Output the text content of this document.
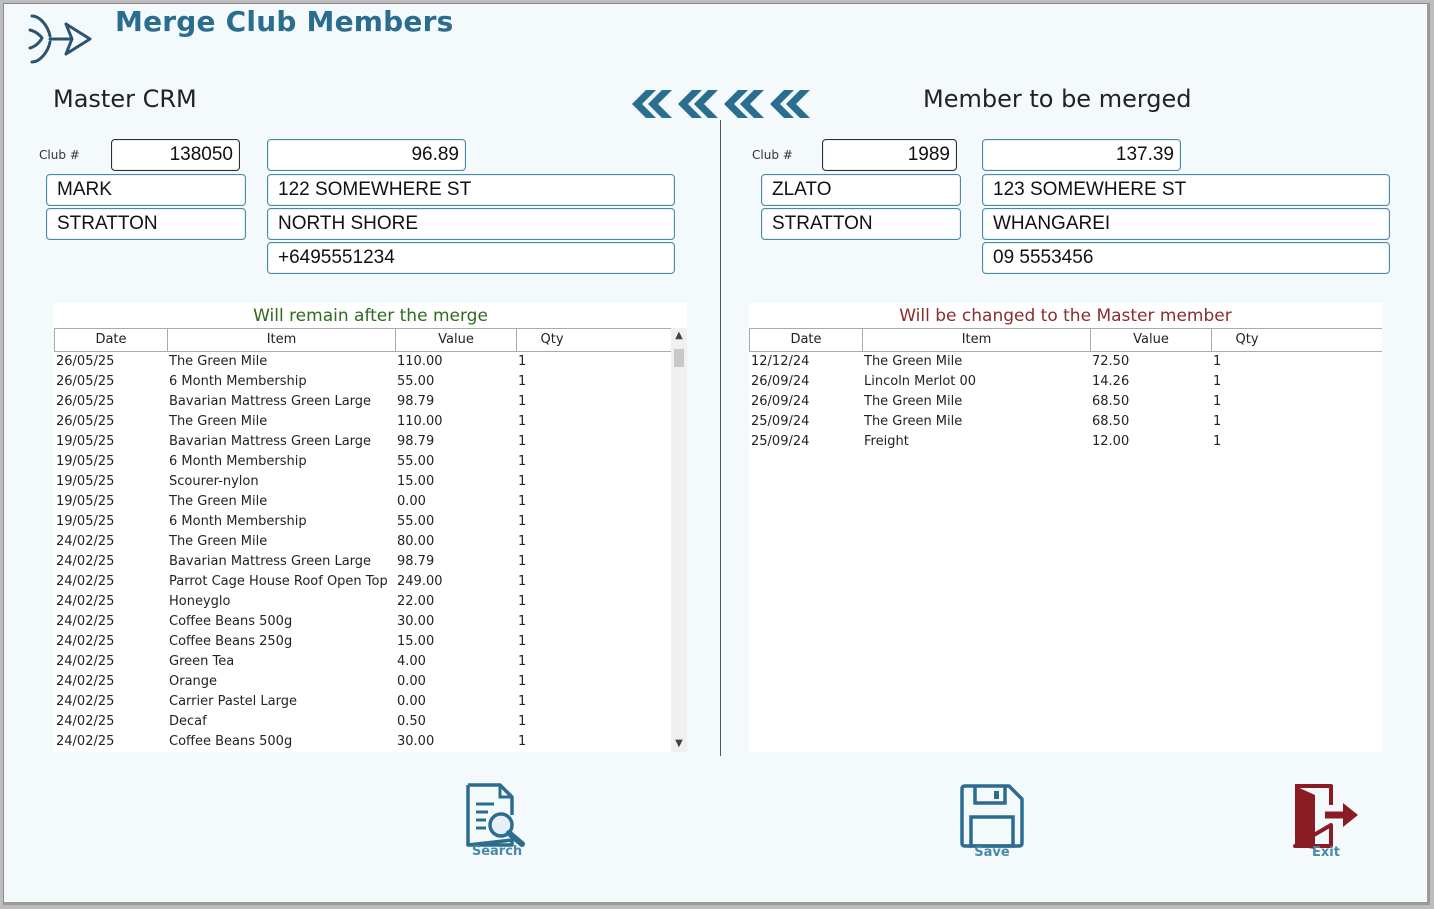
Merge Club Members
Master CRM	Member to be merged
Club #	138050	96.89
MARK
STRATTON
122 SOMEWHERE ST
NORTH SHORE
+6495551234
Club #	1989	137.39
ZLATO
STRATTON
123 SOMEWHERE ST
WHANGAREI
09 5553456
Will remain after the merge
Date	Item	Value	Qty
26/05/25	The Green Mile	110.00	1
26/05/25	6 Month Membership	55.00	1
26/05/25	Bavarian Mattress Green Large 98.79	1
26/05/25	The Green Mile	110.00	1
19/05/25	Bavarian Mattress Green Large 98.79	1
19/05/25	6 Month Membership	55.00	1
19/05/25	Scourer-nylon	15.00	1
19/05/25	The Green Mile	0.00	1
19/05/25	6 Month Membership	55.00	1
24/02/25	The Green Mile	80.00	1
24/02/25	Bavarian Mattress Green Large 98.79	1
24/02/25	Parrot Cage House Roof Open Top 249.00	1
24/02/25	Honeyglo	22.00	1
24/02/25	Coffee Beans 500g	30.00	1
24/02/25	Coffee Beans 250g	15.00	1
24/02/25	Green Tea	4.00	1
24/02/25	Orange	0.00	1
24/02/25	Carrier Pastel Large	0.00	1
24/02/25	Decaf	0.50	1
24/02/25	Coffee Beans 500g	30.00	1
▲
▼
Will be changed to the Master member
Date	Item	Value	Qty
12/12/24	The Green Mile	72.50	1
26/09/24	Lincoln Merlot 00	14.26	1
26/09/24	The Green Mile	68.50	1
25/09/24	The Green Mile	68.50	1
25/09/24	Freight	12.00	1
Search	Save	Exit
